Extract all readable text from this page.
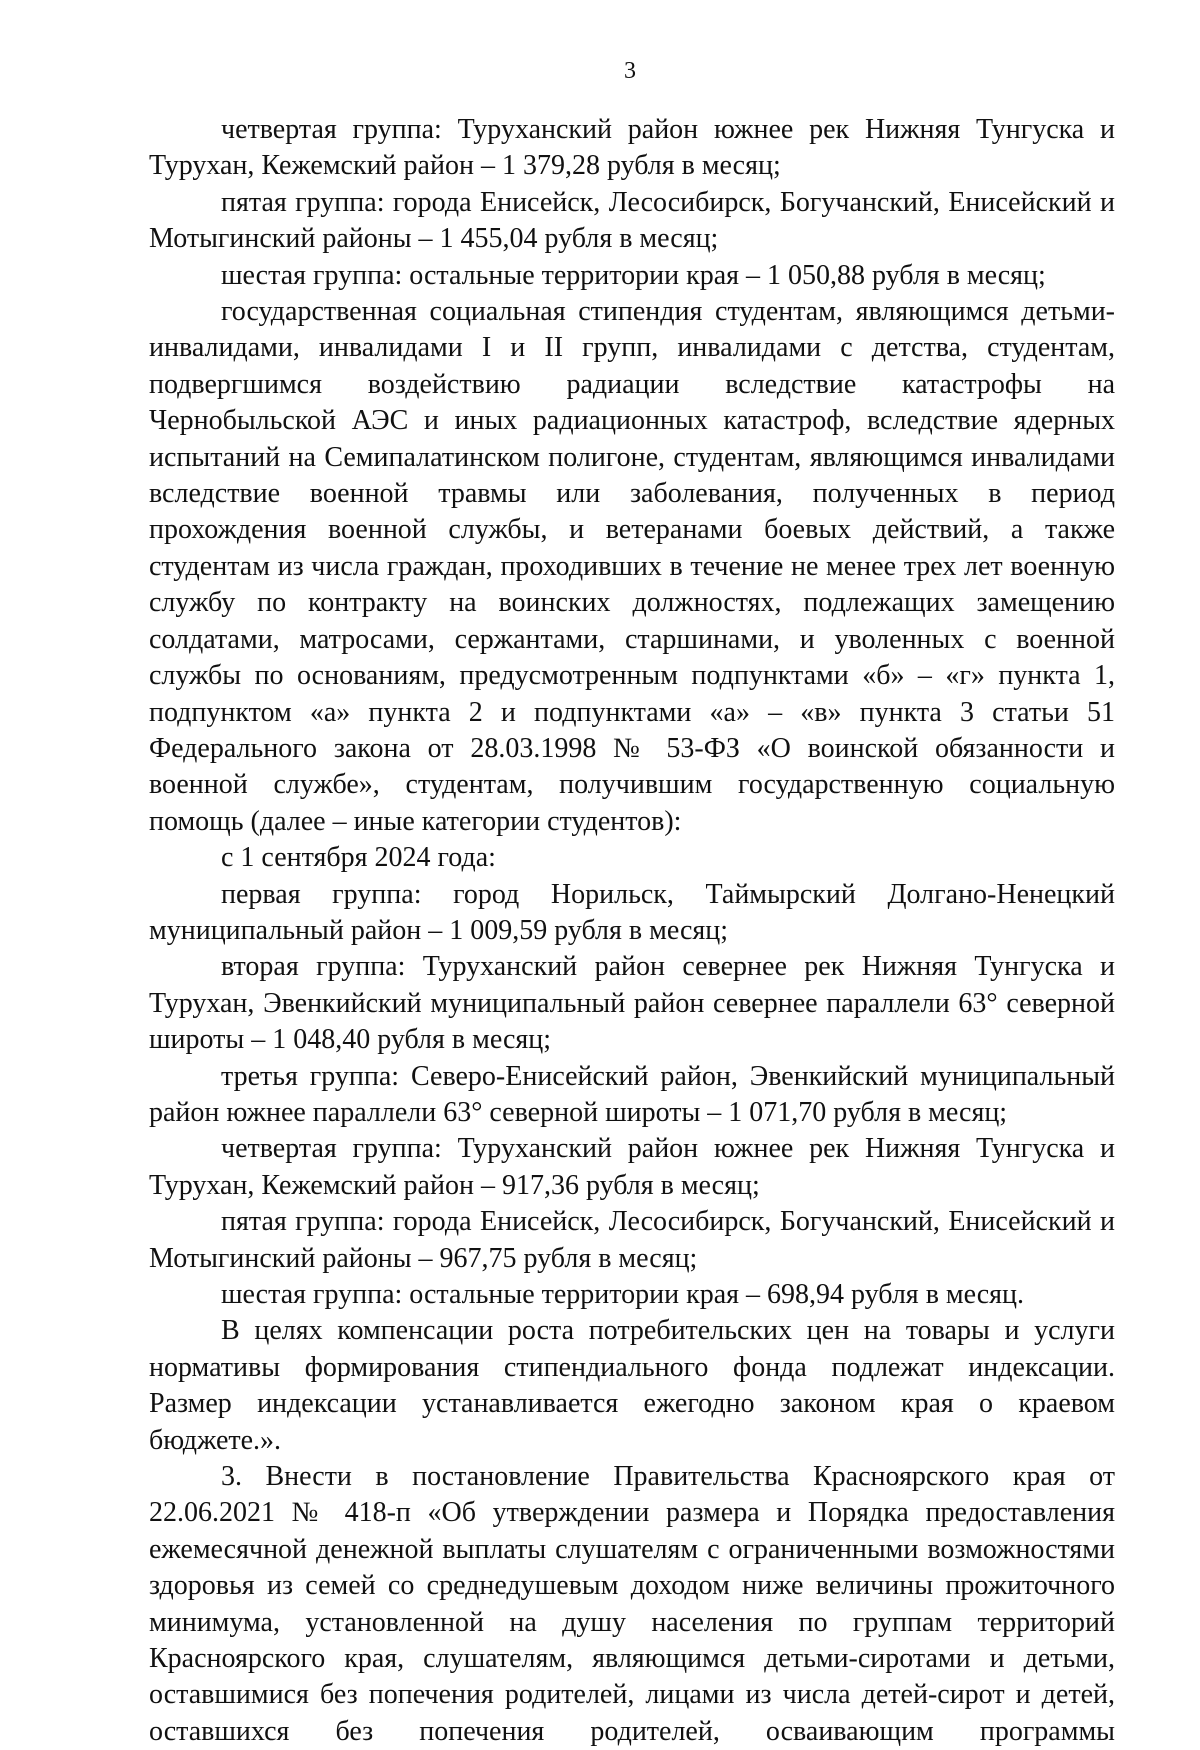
3

четвертая группа: Туруханский район южнее рек Нижняя Тунгуска и Турухан, Кежемский район – 1 379,28 рубля в месяц;

пятая группа: города Енисейск, Лесосибирск, Богучанский, Енисейский и Мотыгинский районы – 1 455,04 рубля в месяц;

шестая группа: остальные территории края – 1 050,88 рубля в месяц;

государственная социальная стипендия студентам, являющимся детьми-инвалидами, инвалидами I и II групп, инвалидами с детства, студентам, подвергшимся воздействию радиации вследствие катастрофы на Чернобыльской АЭС и иных радиационных катастроф, вследствие ядерных испытаний на Семипалатинском полигоне, студентам, являющимся инвалидами вследствие военной травмы или заболевания, полученных в период прохождения военной службы, и ветеранами боевых действий, а также студентам из числа граждан, проходивших в течение не менее трех лет военную службу по контракту на воинских должностях, подлежащих замещению солдатами, матросами, сержантами, старшинами, и уволенных с военной службы по основаниям, предусмотренным подпунктами «б» – «г» пункта 1, подпунктом «а» пункта 2 и подпунктами «а» – «в» пункта 3 статьи 51 Федерального закона от 28.03.1998 № 53-ФЗ «О воинской обязанности и военной службе», студентам, получившим государственную социальную помощь (далее – иные категории студентов):

с 1 сентября 2024 года:

первая группа: город Норильск, Таймырский Долгано-Ненецкий муниципальный район – 1 009,59 рубля в месяц;

вторая группа: Туруханский район севернее рек Нижняя Тунгуска и Турухан, Эвенкийский муниципальный район севернее параллели 63° северной широты – 1 048,40 рубля в месяц;

третья группа: Северо-Енисейский район, Эвенкийский муниципальный район южнее параллели 63° северной широты – 1 071,70 рубля в месяц;

четвертая группа: Туруханский район южнее рек Нижняя Тунгуска и Турухан, Кежемский район – 917,36 рубля в месяц;

пятая группа: города Енисейск, Лесосибирск, Богучанский, Енисейский и Мотыгинский районы – 967,75 рубля в месяц;

шестая группа: остальные территории края – 698,94 рубля в месяц.

В целях компенсации роста потребительских цен на товары и услуги нормативы формирования стипендиального фонда подлежат индексации. Размер индексации устанавливается ежегодно законом края о краевом бюджете.».

3. Внести в постановление Правительства Красноярского края от 22.06.2021 № 418-п «Об утверждении размера и Порядка предоставления ежемесячной денежной выплаты слушателям с ограниченными возможностями здоровья из семей со среднедушевым доходом ниже величины прожиточного минимума, установленной на душу населения по группам территорий Красноярского края, слушателям, являющимся детьми-сиротами и детьми, оставшимися без попечения родителей, лицами из числа детей-сирот и детей, оставшихся без попечения родителей, осваивающим программы
